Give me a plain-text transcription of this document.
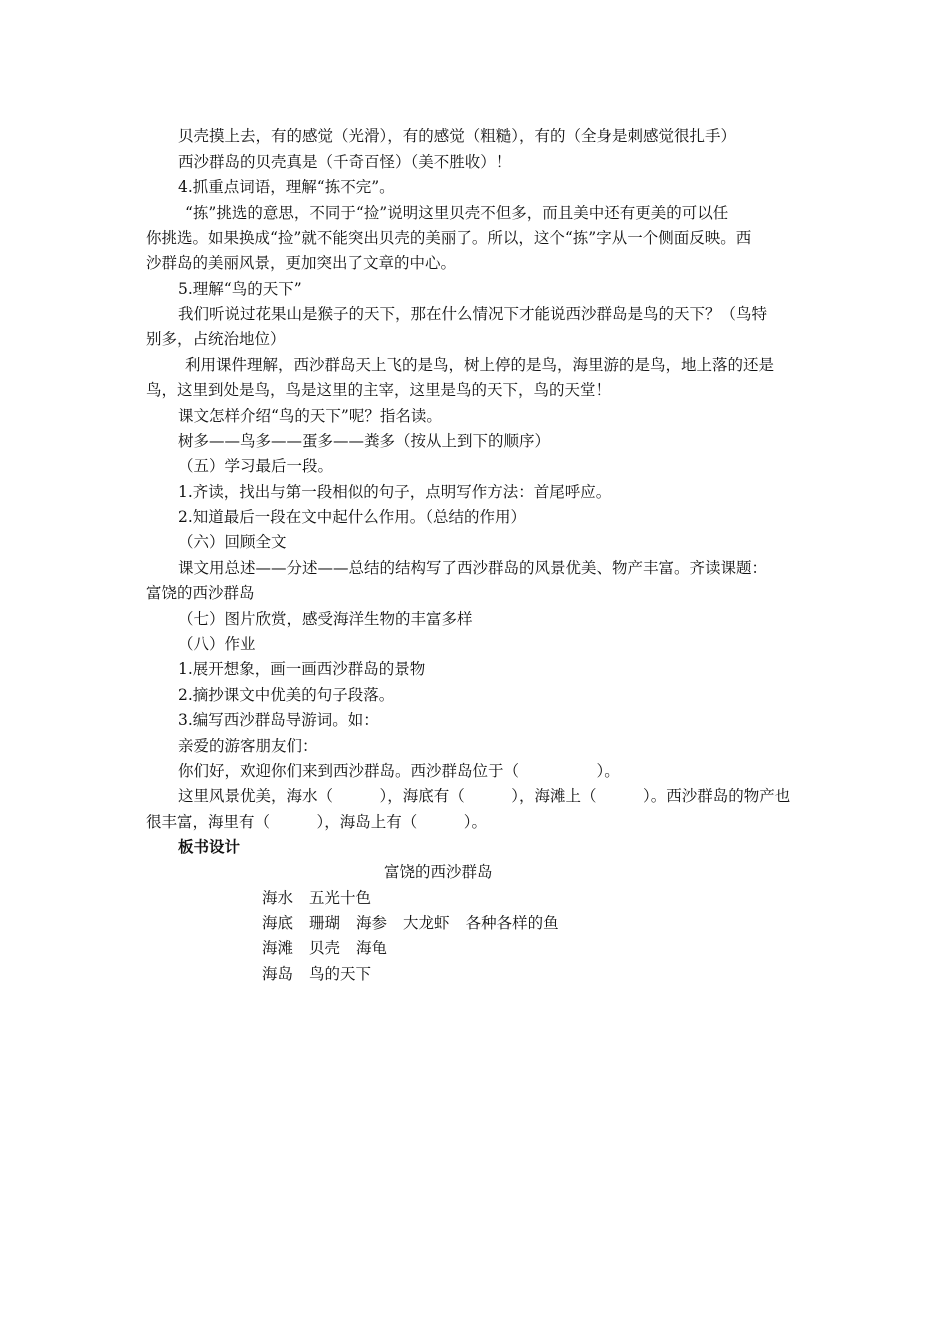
贝壳摸上去，有的感觉（光滑），有的感觉（粗糙），有的（全身是刺感觉很扎手）
西沙群岛的贝壳真是（千奇百怪）（美不胜收）！
4.抓重点词语，理解“拣不完”。
“拣”挑选的意思，不同于“捡”说明这里贝壳不但多，而且美中还有更美的可以任
你挑选。如果换成“捡”就不能突出贝壳的美丽了。所以，这个“拣”字从一个侧面反映。西
沙群岛的美丽风景，更加突出了文章的中心。
5.理解“鸟的天下”
我们听说过花果山是猴子的天下，那在什么情况下才能说西沙群岛是鸟的天下？（鸟特
别多，占统治地位）
利用课件理解，西沙群岛天上飞的是鸟，树上停的是鸟，海里游的是鸟，地上落的还是
鸟，这里到处是鸟，鸟是这里的主宰，这里是鸟的天下，鸟的天堂！
课文怎样介绍“鸟的天下”呢？指名读。
树多——鸟多——蛋多——粪多（按从上到下的顺序）
（五）学习最后一段。
1.齐读，找出与第一段相似的句子，点明写作方法：首尾呼应。
2.知道最后一段在文中起什么作用。（总结的作用）
（六）回顾全文
课文用总述——分述——总结的结构写了西沙群岛的风景优美、物产丰富。齐读课题：
富饶的西沙群岛
（七）图片欣赏，感受海洋生物的丰富多样
（八）作业
1.展开想象，画一画西沙群岛的景物
2.摘抄课文中优美的句子段落。
3.编写西沙群岛导游词。如：
亲爱的游客朋友们：
你们好，欢迎你们来到西沙群岛。西沙群岛位于（　　　　　）。
这里风景优美，海水（　　　），海底有（　　　），海滩上（　　　）。西沙群岛的物产也
很丰富，海里有（　　　），海岛上有（　　　）。
板书设计
富饶的西沙群岛
海水 五光十色
海底 珊瑚 海参 大龙虾 各种各样的鱼
海滩 贝壳 海龟
海岛 鸟的天下
